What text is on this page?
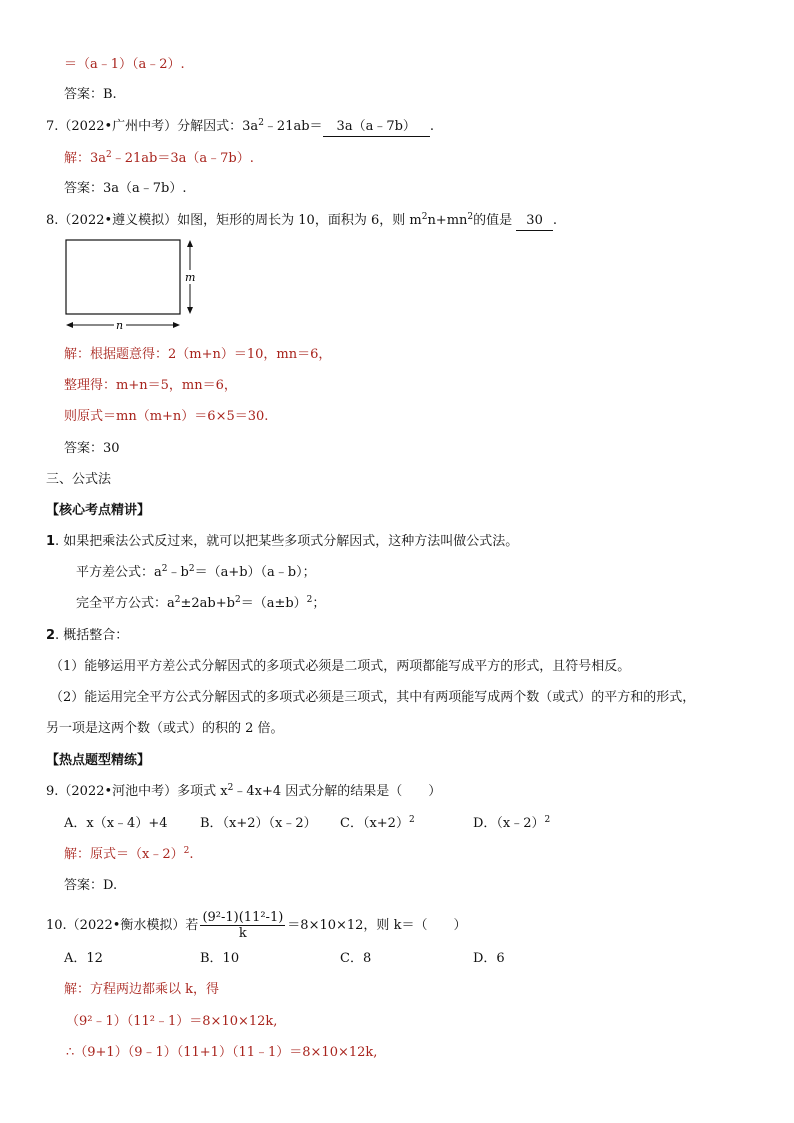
＝（a﹣1）（a﹣2）.
答案：B.
7.（2022•广州中考）分解因式：$3a^2﹣21ab=$ 3a（a﹣7b） .
解：$3a^2﹣21ab=3a(a﹣7b)$.
答案：3a（a﹣7b）.
8.（2022•遵义模拟）如图，矩形的周长为 10，面积为 6，则 $m^2n+mn^2$的值是 30 .
m
n
解：根据题意得：2（m+n）＝10，mn＝6，
整理得：m+n＝5，mn＝6，
则原式＝mn（m+n）＝6×5＝30.
答案：30
三、公式法
【核心考点精讲】
1. 如果把乘法公式反过来，就可以把某些多项式分解因式，这种方法叫做公式法。
平方差公式：$a^2﹣b^2=(a+b)(a﹣b)$；
完全平方公式：$a^2\pm 2ab+b^2=(a\pm b)^2$；
2. 概括整合：
（1）能够运用平方差公式分解因式的多项式必须是二项式，两项都能写成平方的形式，且符号相反。
（2）能运用完全平方公式分解因式的多项式必须是三项式，其中有两项能写成两个数（或式）的平方和的形式，
另一项是这两个数（或式）的积的 2 倍。
【热点题型精练】
9.（2022•河池中考）多项式 $x^2﹣4x+4$ 因式分解的结果是（　　）
A．x（x﹣4）+4	B．（x+2）（x﹣2） C．$(x+2)^2$	D．（x﹣2）$^2$
解：原式＝（x﹣2）$^2$.
答案：D.
10.（2022•衡水模拟）若 $\frac{\text{(9²-1)(11²-1)}}{k} =8\times 10\times 12$，则 k＝（　　）
A．12	B．10	C．8	D．6
解：方程两边都乘以 k，得
（9²﹣1）（11²﹣1）＝8×10×12k,
∴（9+1）（9﹣1）（11+1）（11﹣1）＝8×10×12k,
